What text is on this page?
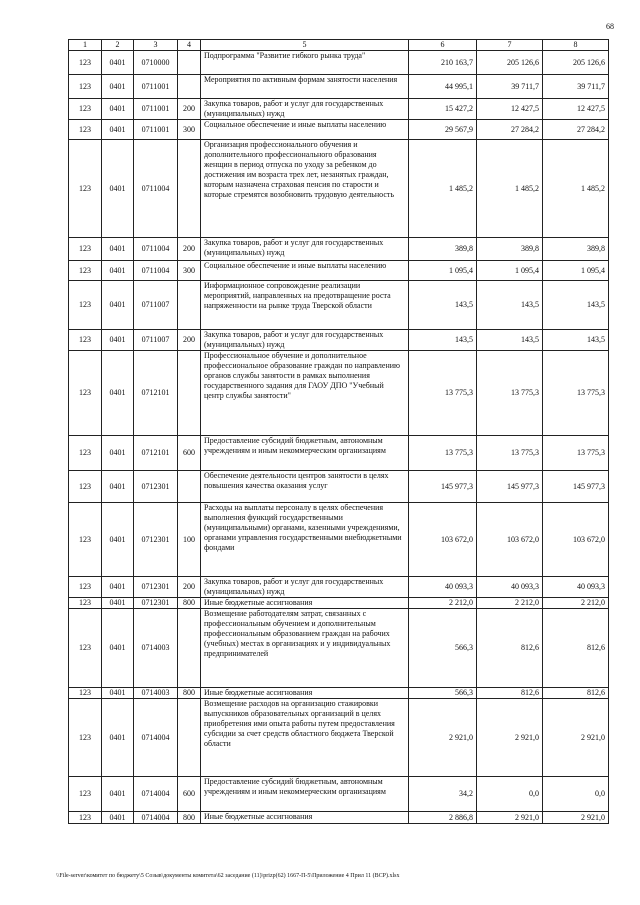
68
1	2	3	4	5	6	7	8
123	0401	0710000		Подпрограмма "Развитие гибкого рынка труда"	210 163,7	205 126,6	205 126,6
123	0401	0711001		Мероприятия по активным формам занятости населения	44 995,1	39 711,7	39 711,7
123	0401	0711001	200	Закупка товаров, работ и услуг для государственных (муниципальных) нужд	15 427,2	12 427,5	12 427,5
123	0401	0711001	300	Социальное обеспечение и иные выплаты населению	29 567,9	27 284,2	27 284,2
123	0401	0711004		Организация профессионального обучения и дополнительного профессионального образования женщин в период отпуска по уходу за ребенком до достижения им возраста трех лет, незанятых граждан, которым назначена страховая пенсия по старости и которые стремятся возобновить трудовую деятельность	1 485,2	1 485,2	1 485,2
123	0401	0711004	200	Закупка товаров, работ и услуг для государственных (муниципальных) нужд	389,8	389,8	389,8
123	0401	0711004	300	Социальное обеспечение и иные выплаты населению	1 095,4	1 095,4	1 095,4
123	0401	0711007		Информационное сопровождение реализации мероприятий, направленных на предотвращение роста напряженности на рынке труда Тверской области	143,5	143,5	143,5
123	0401	0711007	200	Закупка товаров, работ и услуг для государственных (муниципальных) нужд	143,5	143,5	143,5
123	0401	0712101		Профессиональное обучение и дополнительное профессиональное образование граждан по направлению органов службы занятости в рамках выполнения государственного задания для ГАОУ ДПО "Учебный центр службы занятости"	13 775,3	13 775,3	13 775,3
123	0401	0712101	600	Предоставление субсидий бюджетным, автономным учреждениям и иным некоммерческим организациям	13 775,3	13 775,3	13 775,3
123	0401	0712301		Обеспечение деятельности центров занятости в целях повышения качества оказания услуг	145 977,3	145 977,3	145 977,3
123	0401	0712301	100	Расходы на выплаты персоналу в целях обеспечения выполнения функций государственными (муниципальными) органами, казенными учреждениями, органами управления государственными внебюджетными фондами	103 672,0	103 672,0	103 672,0
123	0401	0712301	200	Закупка товаров, работ и услуг для государственных (муниципальных) нужд	40 093,3	40 093,3	40 093,3
123	0401	0712301	800	Иные бюджетные ассигнования	2 212,0	2 212,0	2 212,0
123	0401	0714003		Возмещение работодателям затрат, связанных с профессиональным обучением и дополнительным профессиональным образованием граждан на рабочих (учебных) местах в организациях и у индивидуальных предпринимателей	566,3	812,6	812,6
123	0401	0714003	800	Иные бюджетные ассигнования	566,3	812,6	812,6
123	0401	0714004		Возмещение расходов на организацию стажировки выпускников образовательных организаций в целях приобретения ими опыта работы путем предоставления субсидии за счет средств областного бюджета Тверской области	2 921,0	2 921,0	2 921,0
123	0401	0714004	600	Предоставление субсидий бюджетным, автономным учреждениям и иным некоммерческим организациям	34,2	0,0	0,0
123	0401	0714004	800	Иные бюджетные ассигнования	2 886,8	2 921,0	2 921,0
\\File-server\комитет по бюджету\5 Созыв\документы комитета\62 заседание (11)\prizp(62) 1667-П-5\Приложение 4 Прил 11 (ВСР).xlsx
